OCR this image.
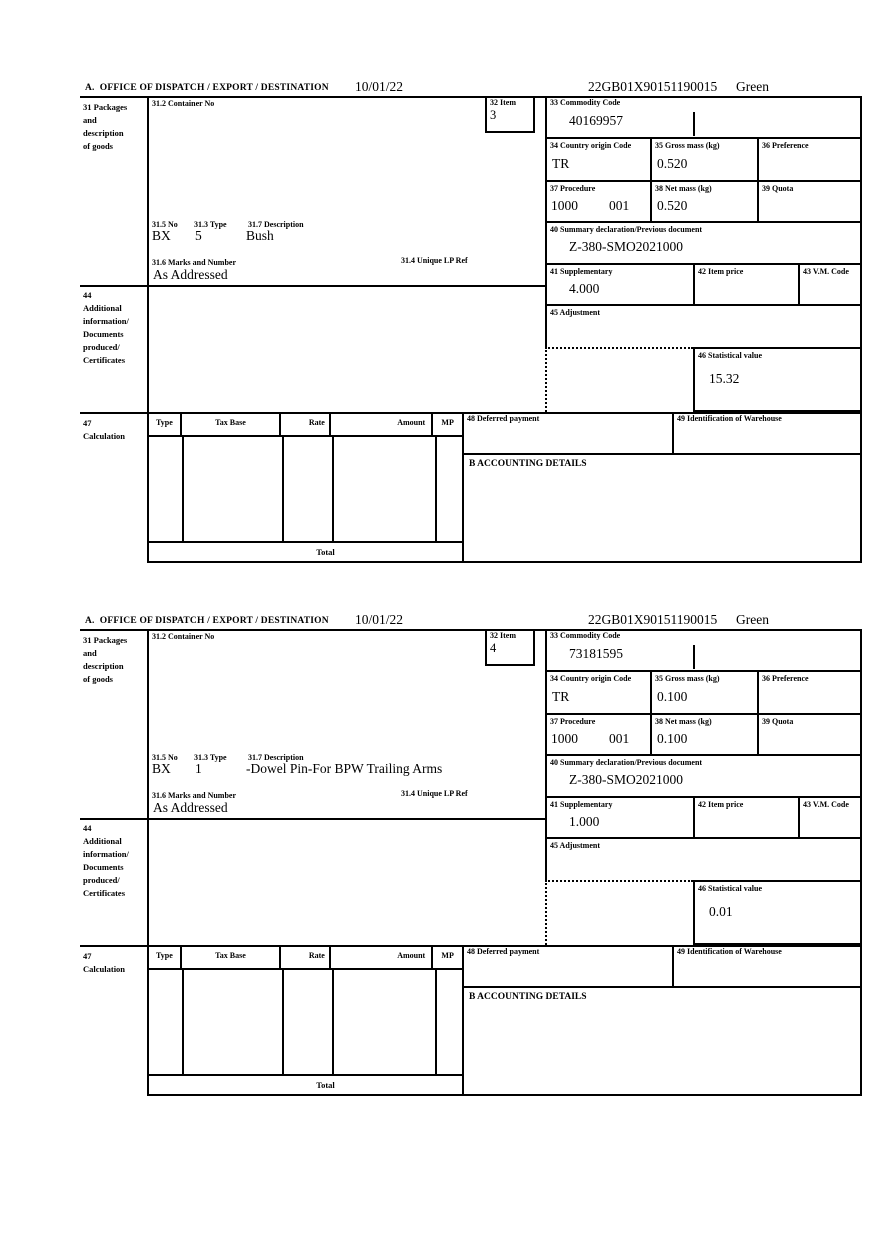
A.  OFFICE OF DISPATCH / EXPORT / DESTINATION 10/01/22	22GB01X90151190015 Green
31 Packages
and
description
of goods
44
Additional
information/
Documents
produced/
Certificates
47
Calculation
31.2 Container No
31.5 No 31.3 Type	31.7 Description
BX 5	Bush
31.6 Marks and Number	31.4 Unique LP Ref
As Addressed
32 Item
3
33 Commodity Code
40169957
34 Country origin Code
TR
35 Gross mass (kg)
0.520
36 Preference
37 Procedure
1000 001
38 Net mass (kg)
0.520
39 Quota
40 Summary declaration/Previous document
Z-380-SMO2021000
41 Supplementary
4.000
42 Item price	43 V.M. Code
45 Adjustment
46 Statistical value
15.32
Type	Tax Base	Rate	Amount	MP	48 Deferred payment	49 Identification of Warehouse
B ACCOUNTING DETAILS
Total
A.  OFFICE OF DISPATCH / EXPORT / DESTINATION 10/01/22	22GB01X90151190015 Green
31 Packages
and
description
of goods
44
Additional
information/
Documents
produced/
Certificates
47
Calculation
31.2 Container No
31.5 No 31.3 Type	31.7 Description
BX 1	-Dowel Pin-For BPW Trailing Arms
31.6 Marks and Number	31.4 Unique LP Ref
As Addressed
32 Item
4
33 Commodity Code
73181595
34 Country origin Code
TR
35 Gross mass (kg)
0.100
36 Preference
37 Procedure
1000 001
38 Net mass (kg)
0.100
39 Quota
40 Summary declaration/Previous document
Z-380-SMO2021000
41 Supplementary
1.000
42 Item price	43 V.M. Code
45 Adjustment
46 Statistical value
0.01
Type	Tax Base	Rate	Amount	MP	48 Deferred payment	49 Identification of Warehouse
B ACCOUNTING DETAILS
Total
